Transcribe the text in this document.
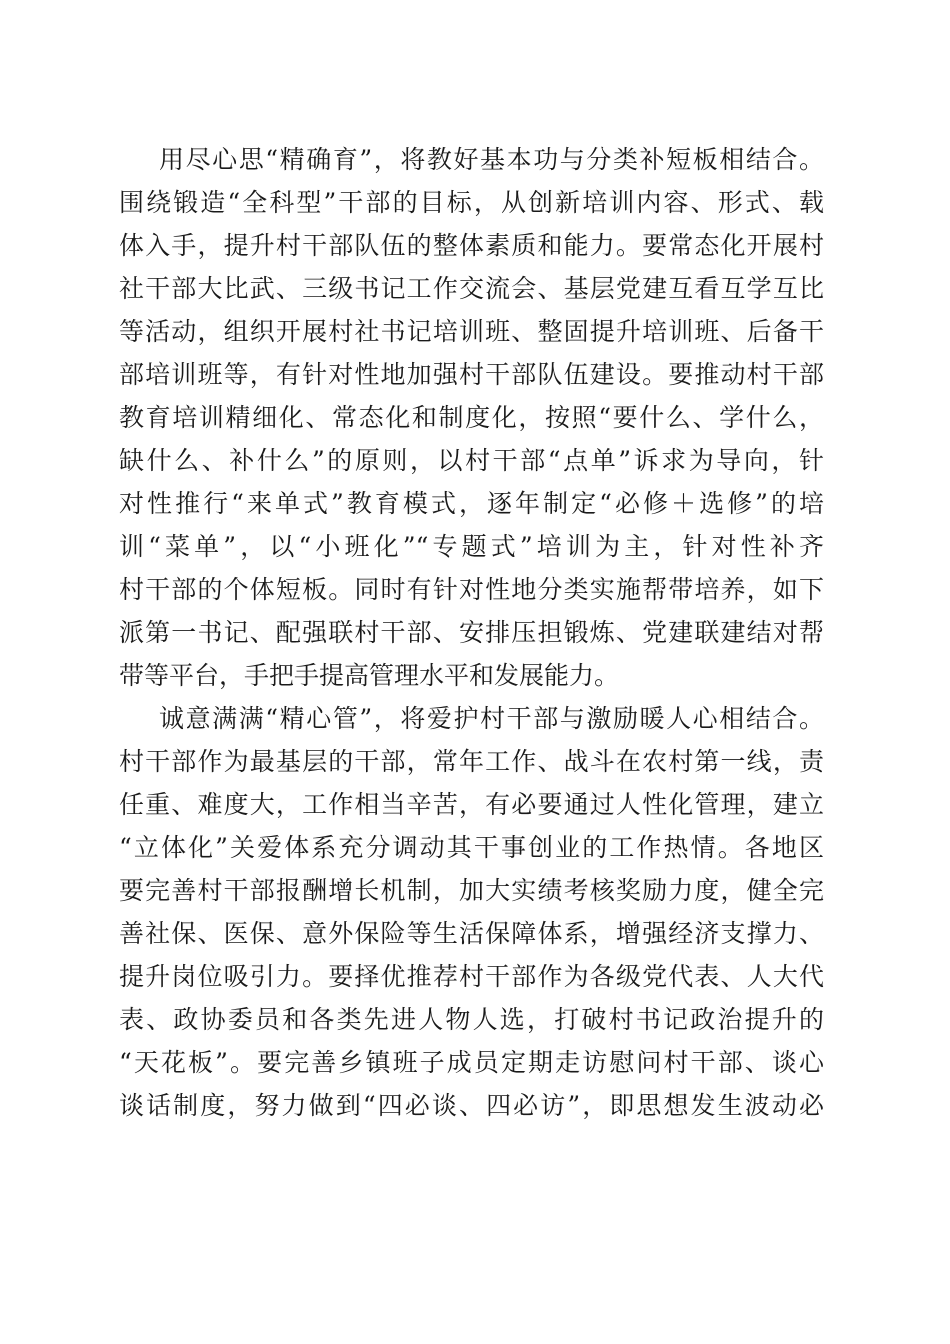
用尽心思“精确育”，将教好基本功与分类补短板相结合。
围绕锻造“全科型”干部的目标，从创新培训内容、形式、载
体入手，提升村干部队伍的整体素质和能力。要常态化开展村
社干部大比武、三级书记工作交流会、基层党建互看互学互比
等活动，组织开展村社书记培训班、整固提升培训班、后备干
部培训班等，有针对性地加强村干部队伍建设。要推动村干部
教育培训精细化、常态化和制度化，按照“要什么、学什么，
缺什么、补什么”的原则，以村干部“点单”诉求为导向，针
对性推行“来单式”教育模式，逐年制定“必修＋选修”的培
训“菜单”，以“小班化”“专题式”培训为主，针对性补齐
村干部的个体短板。同时有针对性地分类实施帮带培养，如下
派第一书记、配强联村干部、安排压担锻炼、党建联建结对帮
带等平台，手把手提高管理水平和发展能力。
诚意满满“精心管”，将爱护村干部与激励暖人心相结合。
村干部作为最基层的干部，常年工作、战斗在农村第一线，责
任重、难度大，工作相当辛苦，有必要通过人性化管理，建立
“立体化”关爱体系充分调动其干事创业的工作热情。各地区
要完善村干部报酬增长机制，加大实绩考核奖励力度，健全完
善社保、医保、意外保险等生活保障体系，增强经济支撑力、
提升岗位吸引力。要择优推荐村干部作为各级党代表、人大代
表、政协委员和各类先进人物人选，打破村书记政治提升的
“天花板”。要完善乡镇班子成员定期走访慰问村干部、谈心
谈话制度，努力做到“四必谈、四必访”，即思想发生波动必
